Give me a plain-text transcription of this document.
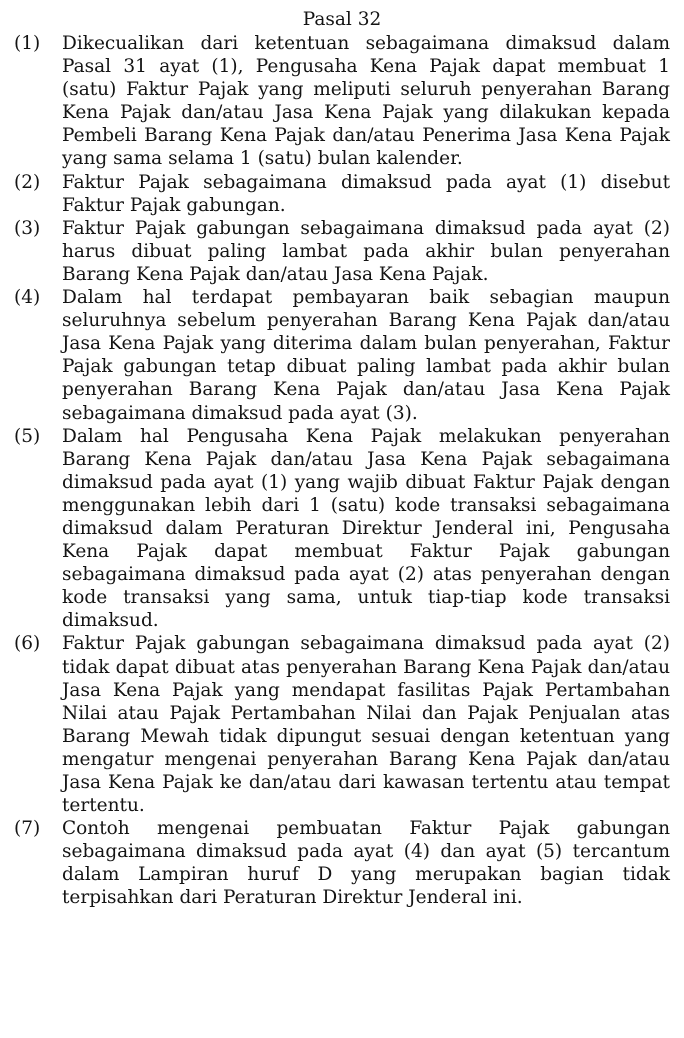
Pasal 32
(1)	Dikecualikan dari ketentuan sebagaimana dimaksud dalam Pasal 31 ayat (1), Pengusaha Kena Pajak dapat membuat 1 (satu) Faktur Pajak yang meliputi seluruh penyerahan Barang Kena Pajak dan/atau Jasa Kena Pajak yang dilakukan kepada Pembeli Barang Kena Pajak dan/atau Penerima Jasa Kena Pajak yang sama selama 1 (satu) bulan kalender.
(2)	Faktur Pajak sebagaimana dimaksud pada ayat (1) disebut Faktur Pajak gabungan.
(3)	Faktur Pajak gabungan sebagaimana dimaksud pada ayat (2) harus dibuat paling lambat pada akhir bulan penyerahan Barang Kena Pajak dan/atau Jasa Kena Pajak.
(4)	Dalam hal terdapat pembayaran baik sebagian maupun seluruhnya sebelum penyerahan Barang Kena Pajak dan/atau Jasa Kena Pajak yang diterima dalam bulan penyerahan, Faktur Pajak gabungan tetap dibuat paling lambat pada akhir bulan penyerahan Barang Kena Pajak dan/atau Jasa Kena Pajak sebagaimana dimaksud pada ayat (3).
(5)	Dalam hal Pengusaha Kena Pajak melakukan penyerahan Barang Kena Pajak dan/atau Jasa Kena Pajak sebagaimana dimaksud pada ayat (1) yang wajib dibuat Faktur Pajak dengan menggunakan lebih dari 1 (satu) kode transaksi sebagaimana dimaksud dalam Peraturan Direktur Jenderal ini, Pengusaha Kena Pajak dapat membuat Faktur Pajak gabungan sebagaimana dimaksud pada ayat (2) atas penyerahan dengan kode transaksi yang sama, untuk tiap-tiap kode transaksi dimaksud.
(6)	Faktur Pajak gabungan sebagaimana dimaksud pada ayat (2) tidak dapat dibuat atas penyerahan Barang Kena Pajak dan/atau Jasa Kena Pajak yang mendapat fasilitas Pajak Pertambahan Nilai atau Pajak Pertambahan Nilai dan Pajak Penjualan atas Barang Mewah tidak dipungut sesuai dengan ketentuan yang mengatur mengenai penyerahan Barang Kena Pajak dan/atau Jasa Kena Pajak ke dan/atau dari kawasan tertentu atau tempat tertentu.
(7)	Contoh mengenai pembuatan Faktur Pajak gabungan sebagaimana dimaksud pada ayat (4) dan ayat (5) tercantum dalam Lampiran huruf D yang merupakan bagian tidak terpisahkan dari Peraturan Direktur Jenderal ini.
